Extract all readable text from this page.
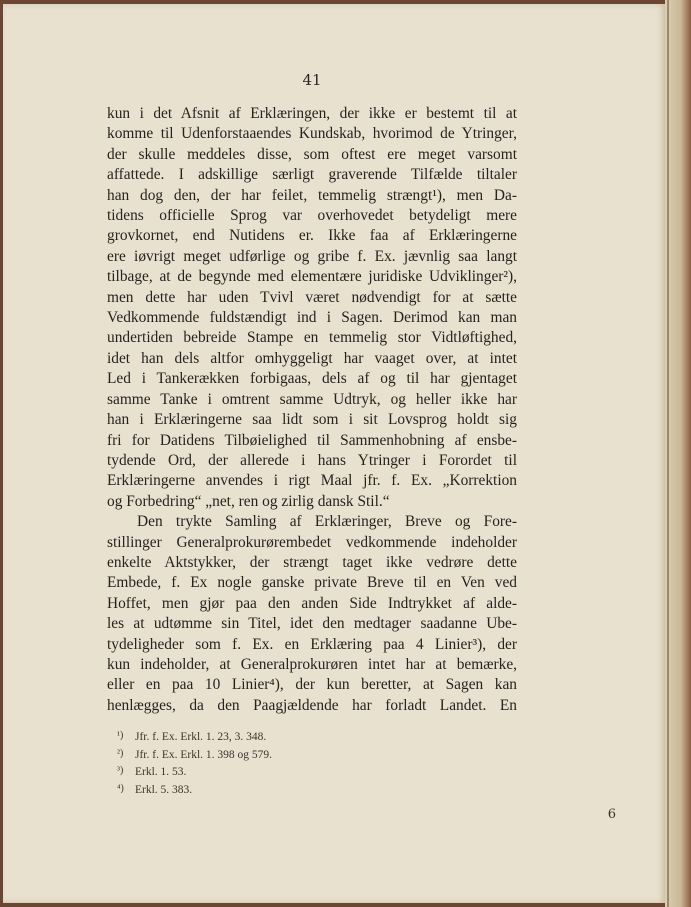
41
kun i det Afsnit af Erklæringen, der ikke er bestemt til at
komme til Udenforstaaendes Kundskab, hvorimod de Ytringer,
der skulle meddeles disse, som oftest ere meget varsomt
affattede. I adskillige særligt graverende Tilfælde tiltaler
han dog den, der har feilet, temmelig strængt¹), men Da-
tidens officielle Sprog var overhovedet betydeligt mere
grovkornet, end Nutidens er. Ikke faa af Erklæringerne
ere iøvrigt meget udførlige og gribe f. Ex. jævnlig saa langt
tilbage, at de begynde med elementære juridiske Udviklinger²),
men dette har uden Tvivl været nødvendigt for at sætte
Vedkommende fuldstændigt ind i Sagen. Derimod kan man
undertiden bebreide Stampe en temmelig stor Vidtløftighed,
idet han dels altfor omhyggeligt har vaaget over, at intet
Led i Tankerækken forbigaas, dels af og til har gjentaget
samme Tanke i omtrent samme Udtryk, og heller ikke har
han i Erklæringerne saa lidt som i sit Lovsprog holdt sig
fri for Datidens Tilbøielighed til Sammenhobning af ensbe-
tydende Ord, der allerede i hans Ytringer i Forordet til
Erklæringerne anvendes i rigt Maal jfr. f. Ex. „Korrektion
og Forbedring“ „net, ren og zirlig dansk Stil.“
Den trykte Samling af Erklæringer, Breve og Fore-
stillinger Generalprokurørembedet vedkommende indeholder
enkelte Aktstykker, der strængt taget ikke vedrøre dette
Embede, f. Ex nogle ganske private Breve til en Ven ved
Hoffet, men gjør paa den anden Side Indtrykket af alde-
les at udtømme sin Titel, idet den medtager saadanne Ube-
tydeligheder som f. Ex. en Erklæring paa 4 Linier³), der
kun indeholder, at Generalprokurøren intet har at bemærke,
eller en paa 10 Linier⁴), der kun beretter, at Sagen kan
henlægges, da den Paagjældende har forladt Landet. En
¹) Jfr. f. Ex. Erkl. 1. 23, 3. 348.
²) Jfr. f. Ex. Erkl. 1. 398 og 579.
³) Erkl. 1. 53.
⁴) Erkl. 5. 383.
6
